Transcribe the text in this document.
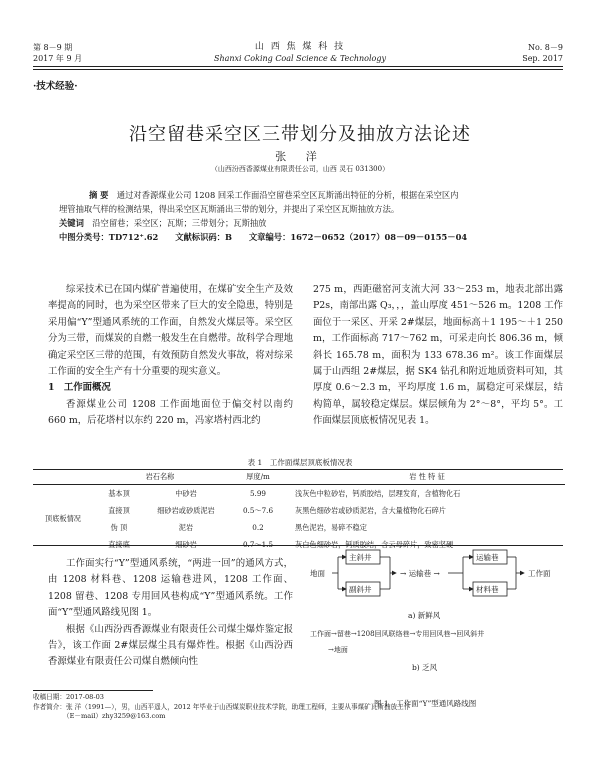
第 8－9 期
2017 年 9 月
山 西 焦 煤 科 技
Shanxi Coking Coal Science & Technology
No. 8－9
Sep. 2017
·技术经验·
沿空留巷采空区三带划分及抽放方法论述
张 洋
（山西汾西香源煤业有限责任公司，山西 灵石 031300）
摘 要　 通过对香源煤业公司 1208 回采工作面沿空留巷采空区瓦斯涌出特征的分析，根据在采空区内
埋管抽取气样的检测结果，得出采空区瓦斯涌出三带的划分，并提出了采空区瓦斯抽放方法。
关键词　 沿空留巷；采空区；瓦斯；三带划分；瓦斯抽放
中图分类号：TD712⁺.62 文献标识码：B 文章编号：1672－0652（2017）08－09－0155－04

综采技术已在国内煤矿普遍使用，在煤矿安全生产及效率提高的同时，也为采空区带来了巨大的安全隐患，特别是采用偏“Y”型通风系统的工作面，自然发火煤层等。采空区分为三带，而煤炭的自燃一般发生在自燃带。故科学合理地确定采空区三带的范围，有效预防自然发火事故，将对综采工作面的安全生产有十分重要的现实意义。

1　工作面概况

香源煤业公司 1208 工作面地面位于偏交村以南约 660 m，后花塔村以东约 220 m，冯家塔村西北约

275 m，西距磁窑河支流大河 33～253 m，地表北部出露 P2s，南部出露 Q₃，，，盖山厚度 451～526 m。1208 工作面位于一采区、开采 2#煤层，地面标高＋1 195～＋1 250 m，工作面标高 717～762 m，可采走向长 806.36 m，倾斜长 165.78 m，面积为 133 678.36 m²。该工作面煤层属于山西组 2#煤层，据 SK4 钻孔和附近地质资料可知，其厚度 0.6～2.3 m，平均厚度 1.6 m，属稳定可采煤层，结构简单，属较稳定煤层。煤层倾角为 2°～8°，平均 5°。工作面煤层顶底板情况见表 1。

表 1　工作面煤层顶底板情况表
	岩石名称		厚度/m	岩 性 特 征
顶底板情况	基本顶	中砂岩	5.99	浅灰色中粒砂岩，钙质胶结，层理发育，含植物化石
	直接顶	细砂岩或砂质泥岩	0.5～7.6	灰黑色细砂岩或砂质泥岩，含大量植物化石碎片
	伪 顶	泥岩	0.2	黑色泥岩，易碎不稳定
	直接底	细砂岩	0.7～1.5	灰白色细砂岩，钙质胶结，含云母碎片，致密坚硬

工作面实行“Y”型通风系统，“两进一回”的通风方式，由 1208 材料巷、1208 运输巷进风，1208 工作面、1208 留巷、1208 专用回风巷构成“Y”型通风系统。工作面“Y”型通风路线见图 1。

根据《山西汾西香源煤业有限责任公司煤尘爆炸鉴定报告》，该工作面 2#煤层煤尘具有爆炸性。根据《山西汾西香源煤业有限责任公司煤自燃倾向性

地面
主斜井
副斜井
→ 运输巷 →
运输巷
材料巷
工作面
a) 新鲜风
工作面→留巷→1208回风联络巷→专用回风巷→回风斜井
→地面
b) 乏风
图 1　工作面“Y”型通风路线图
收稿日期：2017-08-03
作者简介：张 洋（1991—），男，山西平遥人，2012 年毕业于山西煤炭职业技术学院，助理工程师，主要从事煤矿瓦斯抽放工作
（E－mail）zhy3259@163.com
